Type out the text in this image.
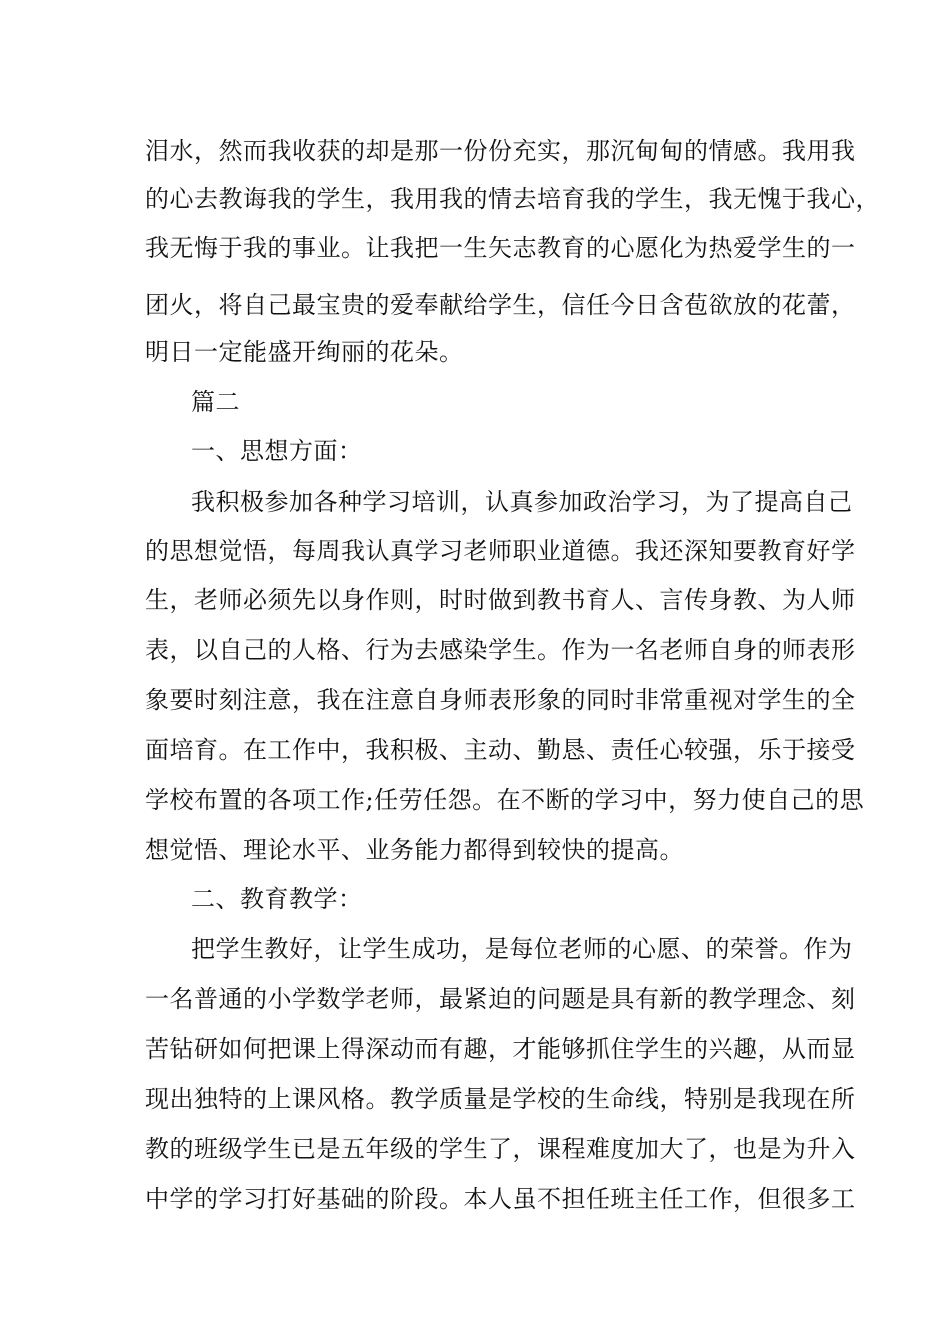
泪水，然而我收获的却是那一份份充实，那沉甸甸的情感。我用我
的心去教诲我的学生，我用我的情去培育我的学生，我无愧于我心，
我无悔于我的事业。让我把一生矢志教育的心愿化为热爱学生的一
团火，将自己最宝贵的爱奉献给学生，信任今日含苞欲放的花蕾，
明日一定能盛开绚丽的花朵。
篇二
一、思想方面：
我积极参加各种学习培训，认真参加政治学习，为了提高自己
的思想觉悟，每周我认真学习老师职业道德。我还深知要教育好学
生，老师必须先以身作则，时时做到教书育人、言传身教、为人师
表，以自己的人格、行为去感染学生。作为一名老师自身的师表形
象要时刻注意，我在注意自身师表形象的同时非常重视对学生的全
面培育。在工作中，我积极、主动、勤恳、责任心较强，乐于接受
学校布置的各项工作;任劳任怨。在不断的学习中，努力使自己的思
想觉悟、理论水平、业务能力都得到较快的提高。
二、教育教学：
把学生教好，让学生成功，是每位老师的心愿、的荣誉。作为
一名普通的小学数学老师，最紧迫的问题是具有新的教学理念、刻
苦钻研如何把课上得深动而有趣，才能够抓住学生的兴趣，从而显
现出独特的上课风格。教学质量是学校的生命线，特别是我现在所
教的班级学生已是五年级的学生了，课程难度加大了，也是为升入
中学的学习打好基础的阶段。本人虽不担任班主任工作，但很多工
